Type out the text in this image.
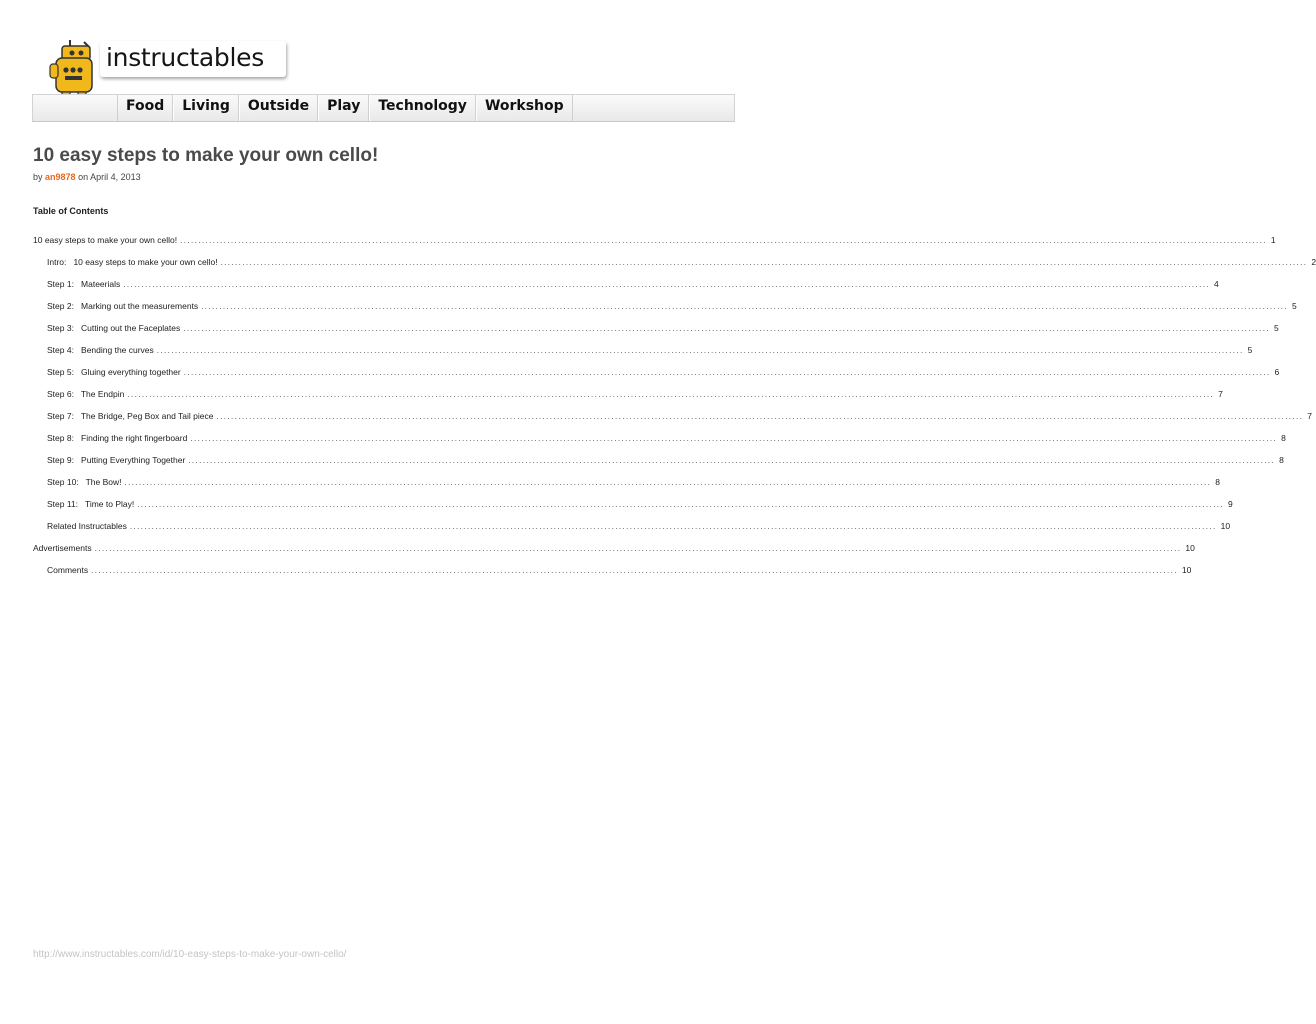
instructables
Food	Living	Outside	Play	Technology	Workshop
10 easy steps to make your own cello!
by an9878 on April 4, 2013
Table of Contents
10 easy steps to make your own cello! ............................................................................................................................................................................................................................................................................................................ 1
Intro:   10 easy steps to make your own cello! ............................................................................................................................................................................................................................................................................................................ 2
Step 1:   Mateerials ............................................................................................................................................................................................................................................................................................................ 4
Step 2:   Marking out the measurements ............................................................................................................................................................................................................................................................................................................ 5
Step 3:   Cutting out the Faceplates ............................................................................................................................................................................................................................................................................................................ 5
Step 4:   Bending the curves ............................................................................................................................................................................................................................................................................................................ 5
Step 5:   Gluing everything together ............................................................................................................................................................................................................................................................................................................ 6
Step 6:   The Endpin ............................................................................................................................................................................................................................................................................................................ 7
Step 7:   The Bridge, Peg Box and Tail piece ............................................................................................................................................................................................................................................................................................................ 7
Step 8:   Finding the right fingerboard ............................................................................................................................................................................................................................................................................................................ 8
Step 9:   Putting Everything Together ............................................................................................................................................................................................................................................................................................................ 8
Step 10:   The Bow! ............................................................................................................................................................................................................................................................................................................ 8
Step 11:   Time to Play! ............................................................................................................................................................................................................................................................................................................ 9
Related Instructables ............................................................................................................................................................................................................................................................................................................ 10
Advertisements ............................................................................................................................................................................................................................................................................................................ 10
Comments ............................................................................................................................................................................................................................................................................................................ 10
http://www.instructables.com/id/10-easy-steps-to-make-your-own-cello/
